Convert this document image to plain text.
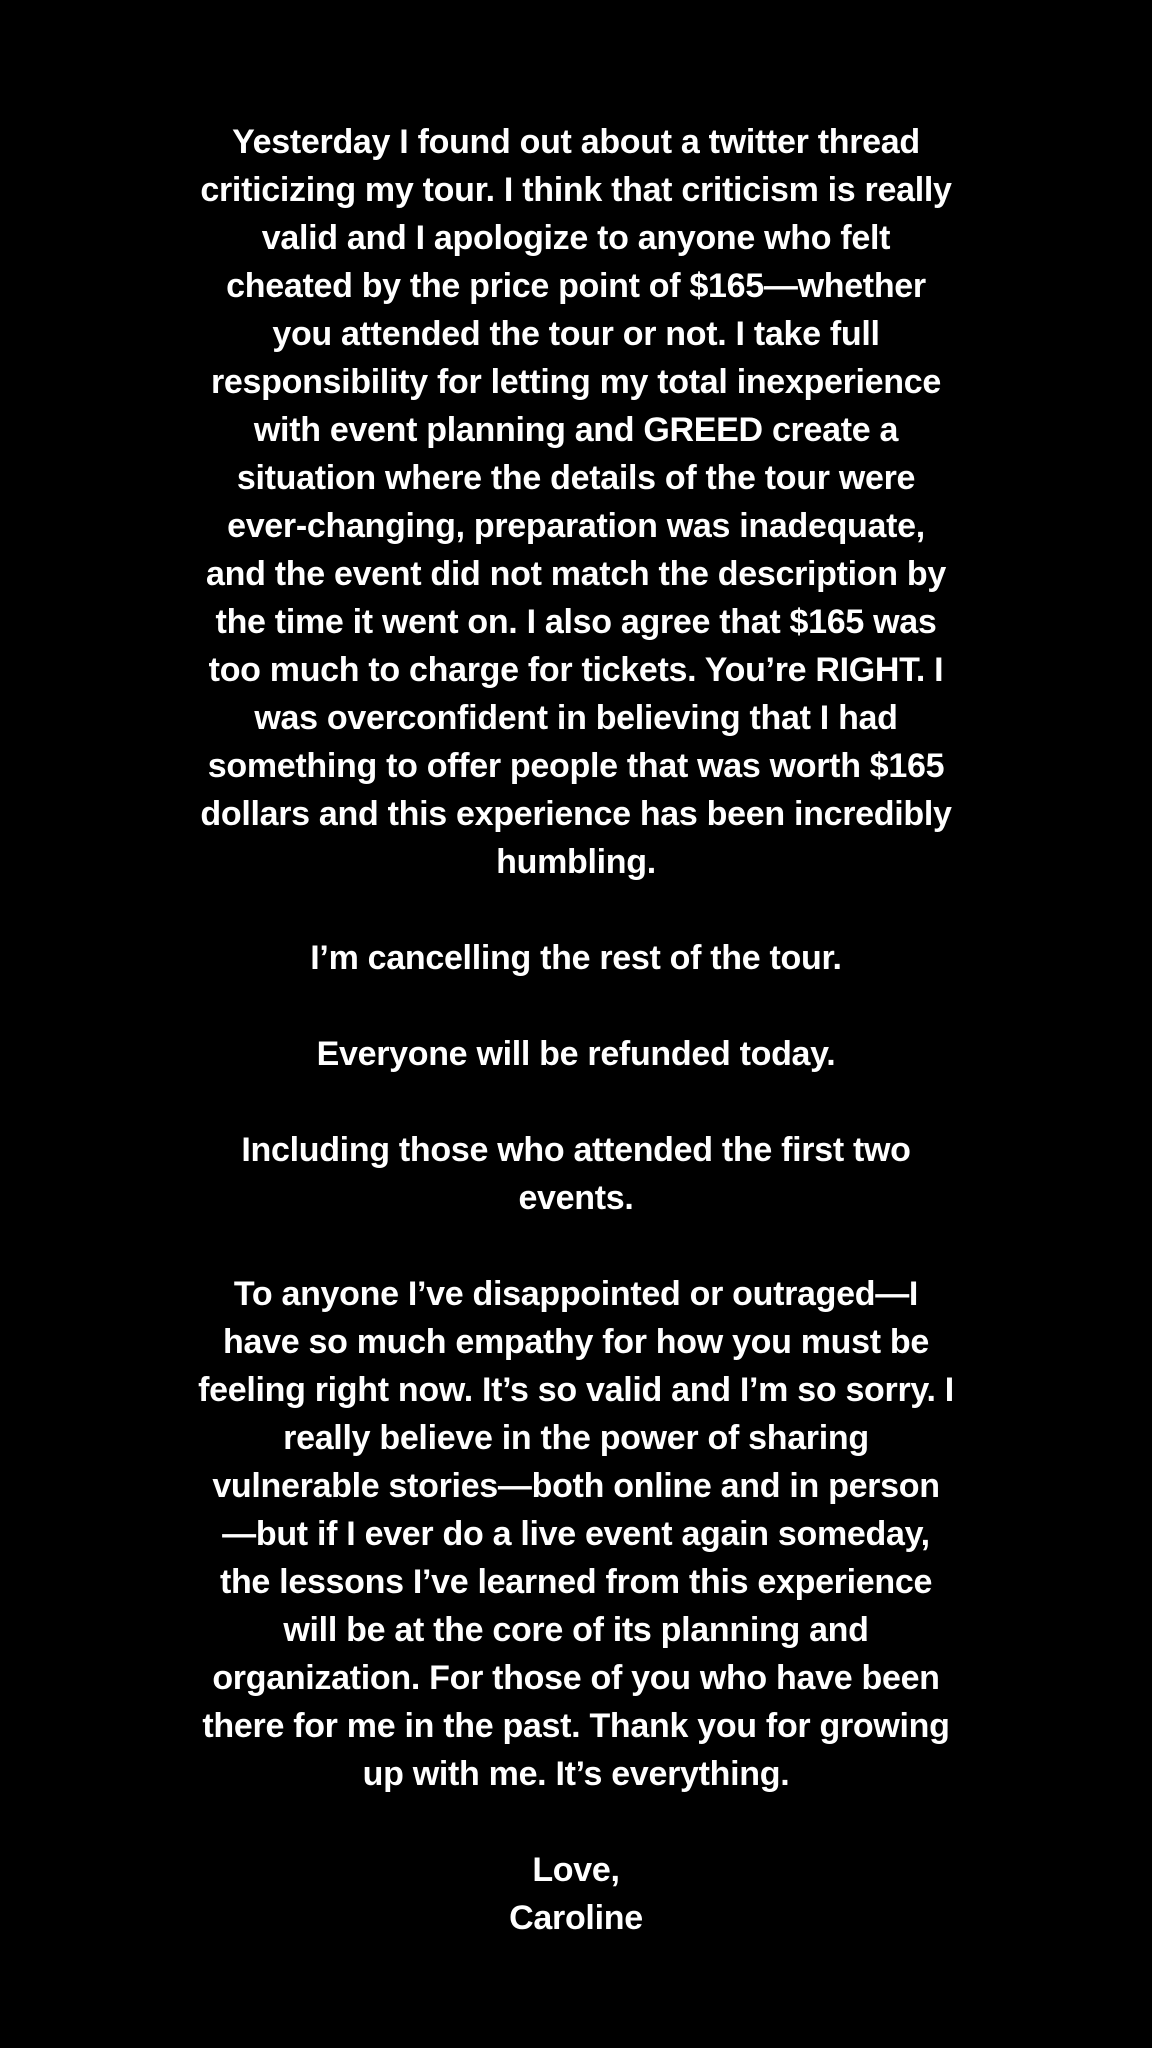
Yesterday I found out about a twitter thread criticizing my tour. I think that criticism is really valid and I apologize to anyone who felt cheated by the price point of $165—whether you attended the tour or not. I take full responsibility for letting my total inexperience with event planning and GREED create a situation where the details of the tour were ever-changing, preparation was inadequate, and the event did not match the description by the time it went on. I also agree that $165 was too much to charge for tickets. You’re RIGHT. I was overconfident in believing that I had something to offer people that was worth $165 dollars and this experience has been incredibly humbling.

I’m cancelling the rest of the tour.

Everyone will be refunded today.

Including those who attended the first two events.

To anyone I’ve disappointed or outraged—I have so much empathy for how you must be feeling right now. It’s so valid and I’m so sorry. I really believe in the power of sharing vulnerable stories—both online and in person—but if I ever do a live event again someday, the lessons I’ve learned from this experience will be at the core of its planning and organization. For those of you who have been there for me in the past. Thank you for growing up with me. It’s everything.

Love,
Caroline
